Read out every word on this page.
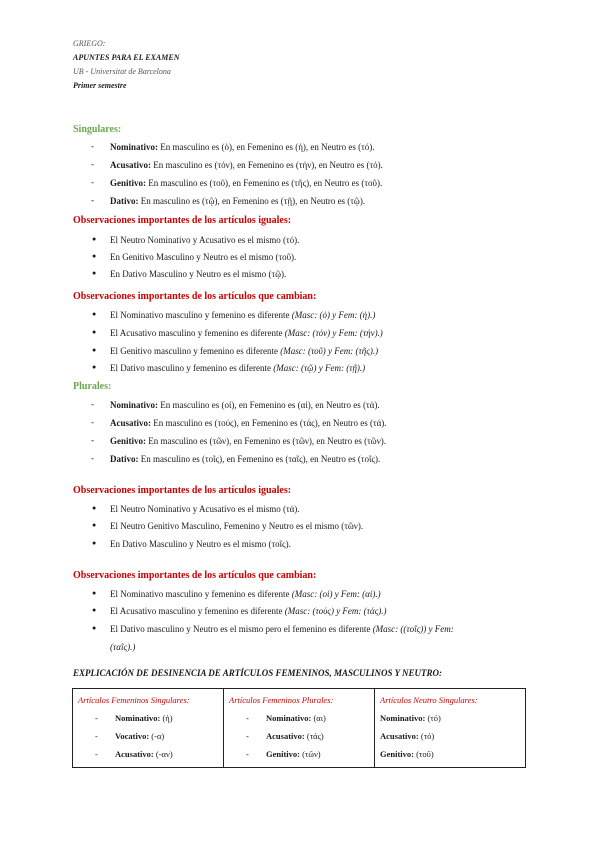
GRIEGO:
APUNTES PARA EL EXAMEN
UB - Universitat de Barcelona
Primer semestre
Singulares:
- Nominativo: En masculino es (ὁ), en Femenino es (ἡ), en Neutro es (τό).
- Acusativo: En masculino es (τόν), en Femenino es (τήν), en Neutro es (τό).
- Genitivo: En masculino es (τοῦ), en Femenino es (τῆς), en Neutro es (τοῦ).
- Dativo: En masculino es (τῷ), en Femenino es (τῇ), en Neutro es (τῷ).
Observaciones importantes de los artículos iguales:
● El Neutro Nominativo y Acusativo es el mismo (τό).
● En Genitivo Masculino y Neutro es el mismo (τοῦ).
● En Dativo Masculino y Neutro es el mismo (τῷ).
Observaciones importantes de los artículos que cambian:
● El Nominativo masculino y femenino es diferente (Masc: (ὁ) y Fem: (ἡ).)
● El Acusativo masculino y femenino es diferente (Masc: (τόν) y Fem: (τήν).)
● El Genitivo masculino y femenino es diferente (Masc: (τοῦ) y Fem: (τῆς).)
● El Dativo masculino y femenino es diferente (Masc: (τῷ) y Fem: (τῇ).)
Plurales:
- Nominativo: En masculino es (οἱ), en Femenino es (αἱ), en Neutro es (τά).
- Acusativo: En masculino es (τούς), en Femenino es (τάς), en Neutro es (τά).
- Genitivo: En masculino es (τῶν), en Femenino es (τῶν), en Neutro es (τῶν).
- Dativo: En masculino es (τοῖς), en Femenino es (ταῖς), en Neutro es (τοῖς).
Observaciones importantes de los artículos iguales:
● El Neutro Nominativo y Acusativo es el mismo (τά).
● El Neutro Genitivo Masculino, Femenino y Neutro es el mismo (τῶν).
● En Dativo Masculino y Neutro es el mismo (τοῖς).
Observaciones importantes de los artículos que cambian:
● El Nominativo masculino y femenino es diferente (Masc: (οἱ) y Fem: (αἱ).)
● El Acusativo masculino y femenino es diferente (Masc: (τούς) y Fem: (τάς).)
● El Dativo masculino y Neutro es el mismo pero el femenino es diferente (Masc: ((τοῖς)) y Fem:
(ταῖς).)
EXPLICACIÓN DE DESINENCIA DE ARTÍCULOS FEMENINOS, MASCULINOS Y NEUTRO:
Artículos Femeninos Singulares:
- Nominativo: (ἡ)
- Vocativo: (-α)
- Acusativo: (-αν)
Artículos Femeninos Plurales:
- Nominativo: (αι)
- Acusativo: (τάς)
- Genitivo: (τῶν)
Artículos Neutro Singulares:
Nominativo: (τό)
Acusativo: (τό)
Genitivo: (τοῦ)
